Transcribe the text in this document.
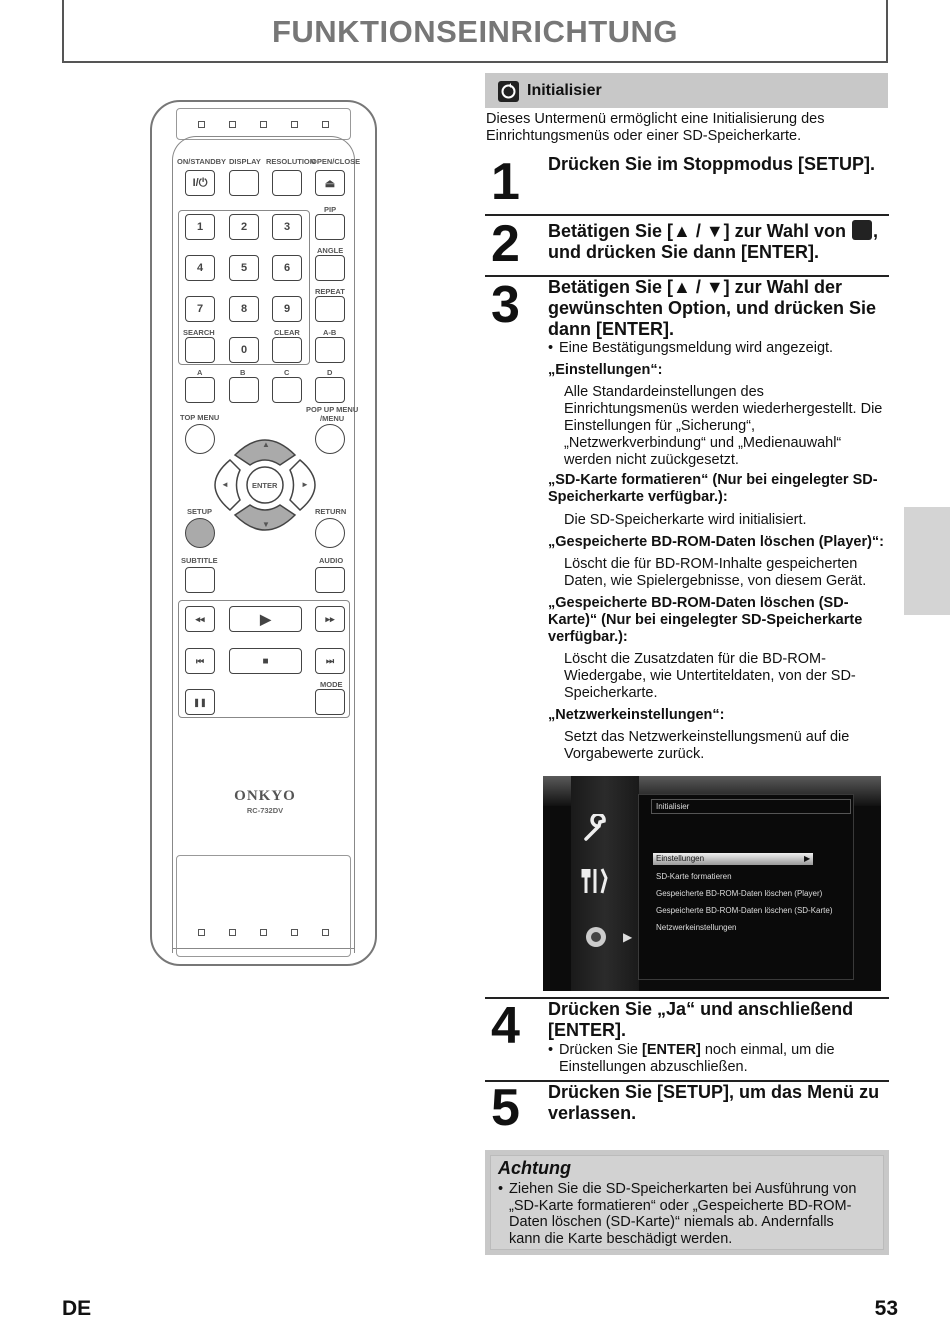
FUNKTIONSEINRICHTUNG
ON/STANDBY DISPLAY RESOLUTION
OPEN/CLOSE
I/⏻	⏏
PIP
1	2	3
ANGLE
4	5	6
REPEAT
7	8	9
SEARCH	CLEAR	A-B
0
A	B	C	D
TOP MENU
POP UP MENU
/MENU
▲
▼
◄	►
ENTER
SETUP	RETURN
SUBTITLE	AUDIO
◂◂	▶	▸▸
⏮	■	⏭
MODE
❚❚
ONKYO
RC-732DV
Initialisier
Dieses Untermenü ermöglicht eine Initialisierung des Einrichtungsmenüs oder einer SD-Speicherkarte.
1 Drücken Sie im Stoppmodus [SETUP].
2 Betätigen Sie [▲ / ▼] zur Wahl von , und drücken Sie dann [ENTER].
3 Betätigen Sie [▲ / ▼] zur Wahl der gewünschten Option, und drücken Sie dann [ENTER].
• Eine Bestätigungsmeldung wird angezeigt.
„Einstellungen“:
Alle Standardeinstellungen des Einrichtungsmenüs werden wiederhergestellt. Die Einstellungen für „Sicherung“, „Netzwerkverbindung“ und „Medienauwahl“ werden nicht zuückgesetzt.
„SD-Karte formatieren“ (Nur bei eingelegter SD-Speicherkarte verfügbar.):
Die SD-Speicherkarte wird initialisiert.
„Gespeicherte BD-ROM-Daten löschen (Player)“:
Löscht die für BD-ROM-Inhalte gespeicherten Daten, wie Spielergebnisse, von diesem Gerät.
„Gespeicherte BD-ROM-Daten löschen (SD-Karte)“ (Nur bei eingelegter SD-Speicherkarte verfügbar.):
Löscht die Zusatzdaten für die BD-ROM-Wiedergabe, wie Untertiteldaten, von der SD-Speicherkarte.
„Netzwerkeinstellungen“:
Setzt das Netzwerkeinstellungsmenü auf die Vorgabewerte zurück.
▶
Initialisier
Einstellungen	▶
SD-Karte formatieren
Gespeicherte BD-ROM-Daten löschen (Player)
Gespeicherte BD-ROM-Daten löschen (SD-Karte)
Netzwerkeinstellungen
4 Drücken Sie „Ja“ und anschließend [ENTER].
• Drücken Sie [ENTER] noch einmal, um die Einstellungen abzuschließen.
5 Drücken Sie [SETUP], um das Menü zu verlassen.
Achtung
• Ziehen Sie die SD-Speicherkarten bei Ausführung von „SD-Karte formatieren“ oder „Gespeicherte BD-ROM-Daten löschen (SD-Karte)“ niemals ab. Andernfalls kann die Karte beschädigt werden.
DE	53
